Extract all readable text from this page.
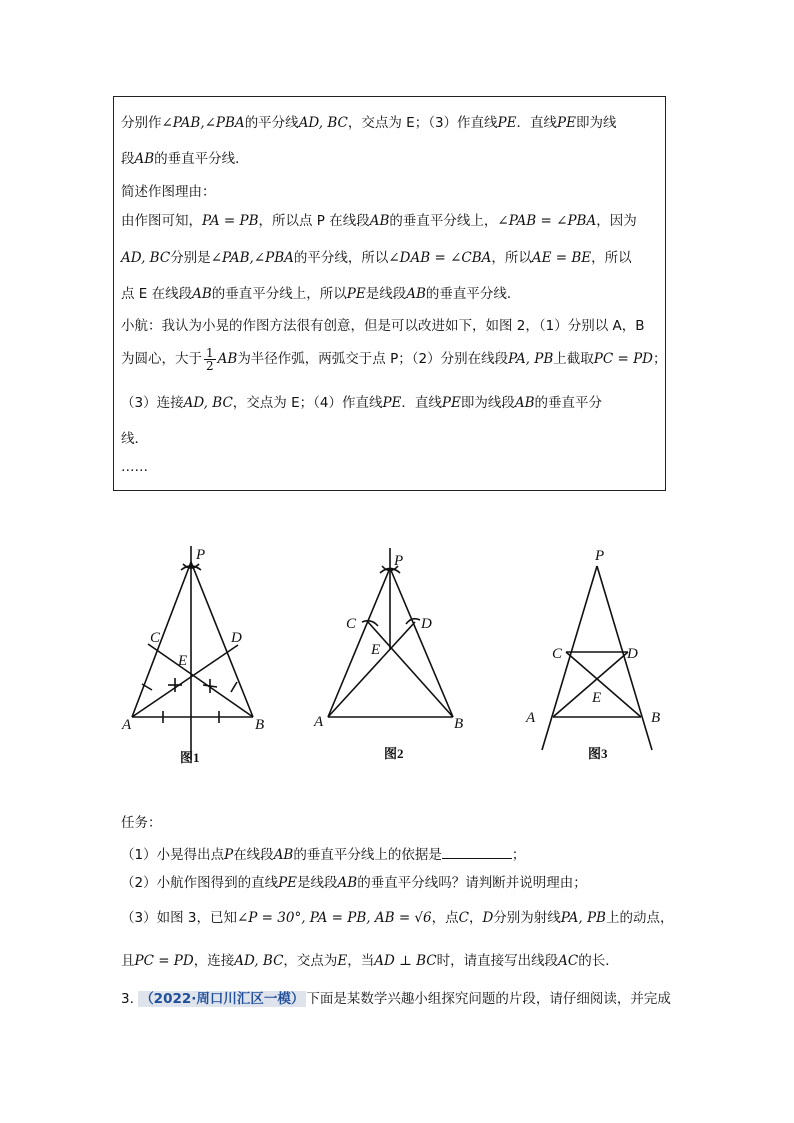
分别作∠PAB,∠PBA的平分线AD, BC，交点为 E；（3）作直线PE．直线PE即为线
段AB的垂直平分线．
简述作图理由：
由作图可知，PA = PB，所以点 P 在线段AB的垂直平分线上，∠PAB = ∠PBA，因为
AD, BC分别是∠PAB,∠PBA的平分线，所以∠DAB = ∠CBA，所以AE = BE，所以
点 E 在线段AB的垂直平分线上，所以PE是线段AB的垂直平分线．
小航：我认为小晃的作图方法很有创意，但是可以改进如下，如图 2，（1）分别以 A，B
为圆心，大于 $\frac{1}{2}$ AB为半径作弧，两弧交于点 P；（2）分别在线段PA, PB上截取PC = PD；
（3）连接AD, BC，交点为 E；（4）作直线PE．直线PE即为线段AB的垂直平分
线．
……
P
C	D
E
A	B
图1
P
C	D
E
A	B
图2
P
C	D
E
A	B
图3
任务：
（1）小晃得出点P在线段AB的垂直平分线上的依据是	；
（2）小航作图得到的直线PE是线段AB的垂直平分线吗？请判断并说明理由；
（3）如图 3，已知∠P = 30°, PA = PB, AB = √6，点C，D分别为射线PA, PB上的动点，
且PC = PD，连接AD, BC，交点为E，当AD ⊥ BC时，请直接写出线段AC的长．
3. （2022·周口川汇区一模） 下面是某数学兴趣小组探究问题的片段，请仔细阅读，并完成
